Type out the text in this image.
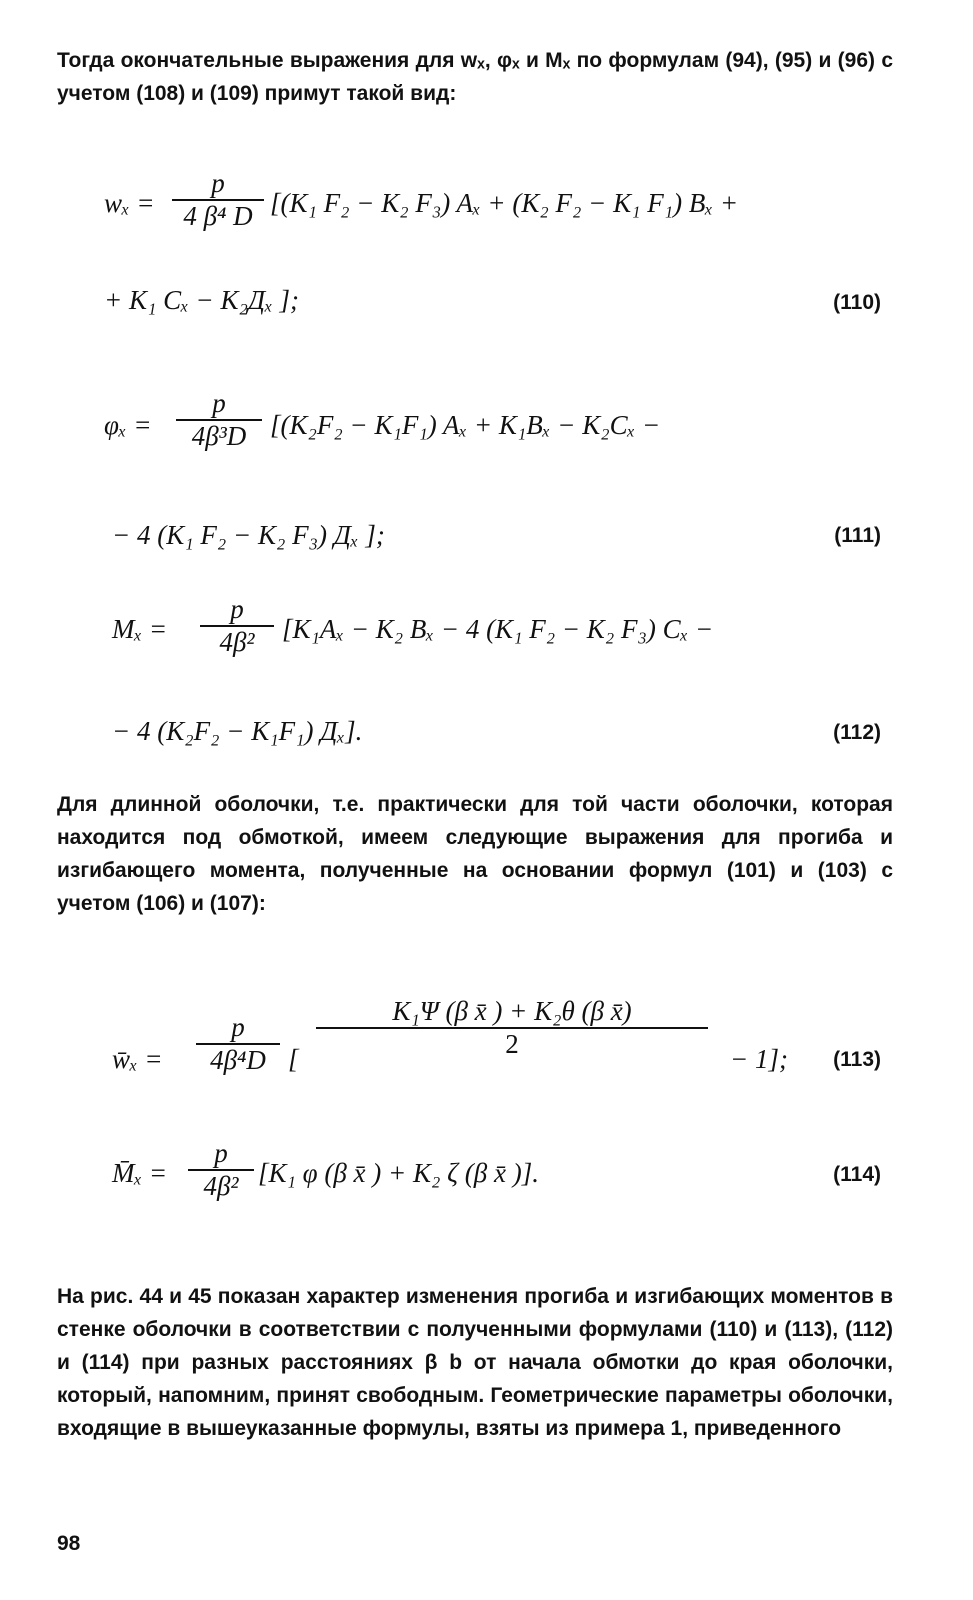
Тогда окончательные выражения для wₓ, φₓ и Mₓ по формулам (94), (95) и (96) с учетом (108) и (109) примут такой вид:

wₓ =
p
4 β⁴ D [(K₁ F₂ − K₂ F₃) Aₓ + (K₂ F₂ − K₁ F₁) Bₓ +
+ K₁ Cₓ − K₂Дₓ ];	(110)
φₓ =
p
4β³D [(K₂F₂ − K₁F₁) Aₓ + K₁Bₓ − K₂Cₓ −
− 4 (K₁ F₂ − K₂ F₃) Дₓ ];	(111)
Mₓ =
p
4β²	[K₁Aₓ − K₂ Bₓ − 4 (K₁ F₂ − K₂ F₃) Cₓ −
− 4 (K₂F₂ − K₁F₁) Дₓ].	(112)

Для длинной оболочки, т.е. практически для той части оболочки, которая находится под обмоткой, имеем следующие выражения для прогиба и изгибающего момента, полученные на основании формул (101) и (103) с учетом (106) и (107):

w̄ₓ =
p
4β⁴D [
K₁Ψ (β x̄ ) + K₂θ (β x̄)
2	− 1]; (113)
M̄ₓ =
p
4β² [K₁ φ (β x̄ ) + K₂ ζ (β x̄ )].	(114)

На рис. 44 и 45 показан характер изменения прогиба и изгибающих моментов в стенке оболочки в соответствии с полученными формулами (110) и (113), (112) и (114) при разных расстояниях β b от начала обмотки до края оболочки, который, напомним, принят свободным. Геометрические параметры оболочки, входящие в вышеуказанные формулы, взяты из примера 1, приведенного

98
